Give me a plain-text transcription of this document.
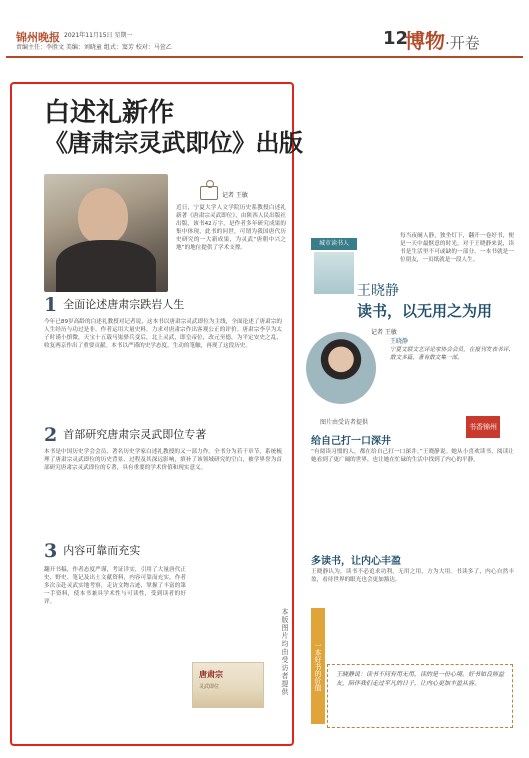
锦州晚报 2021年11月15日 星期一
责编主任：李胜文 美编：刘晓童 组式：窦芳 校对：马萱乙	12
博物·开卷
白述礼新作
《唐肃宗灵武即位》出版
记者 王敏
近日，宁夏大学人文学院历史系教授白述礼新著《唐肃宗灵武即位》，由陕西人民出版社出版，该书42万字，是作者多年研究成果的集中体现，此书的问世，可谓为我国唐代历史研究的一大新成果，为灵武“唐朝中兴之地”的地位提供了学术支撑。
1 全面论述唐肃宗跌岩人生
今年已89岁高龄的白述礼教授对记者说，这本书以唐肃宗灵武即位为主线，全面论述了唐肃宗的人生经历与功过是非。作者运用大量史料，力求对唐肃宗作出客观公正的评价。唐肃宗李亨为太子时谨小慎微，天宝十五载马嵬驿兵变后，北上灵武，即皇帝位，改元至德，为平定安史之乱、收复两京作出了重要贡献。本书以严谨的史学态度，生动的笔触，再现了这段历史。
2 首部研究唐肃宗灵武即位专著
本书是中国历史学会会员、著名历史学家白述礼教授的又一部力作。全书分为若干章节，系统梳理了唐肃宗灵武即位的历史背景、过程及其深远影响，填补了该领域研究的空白，被学界誉为首部研究唐肃宗灵武即位的专著，具有重要的学术价值和现实意义。
3 内容可靠而充实
翻开书稿，作者态度严谨，考证详实，引用了大量唐代正史、野史、笔记及出土文献资料，内容可靠而充实。作者多次亲赴灵武实地考察，走访文物古迹，掌握了丰富的第一手资料，使本书兼具学术性与可读性，受到读者的好评。
唐肃宗
灵武即位	本版图片均由受访者提供
每当夜阑人静，独坐灯下，翻开一卷好书，便是一天中最惬意的时光。对于王晓静来说，读书是生活里不可或缺的一部分，一本书就是一位朋友，一页纸就是一段人生。
书香锦州
城市读书人
王晓静
读书，以无用之为用
记者 王敏
图片由受访者提供
王晓静
宁夏文联文艺评论家协会会员，在报刊发表书评、散文多篇，著有散文集一部。
给自己打一口深井
“有阅读习惯的人，都在给自己打一口深井。”王晓静说。她从小喜欢读书，阅读让她看到了更广阔的世界，也让她在忙碌的生活中找到了内心的平静。
多读书，让内心丰盈
王晓静认为，读书不必追求功利，无用之用，方为大用。书读多了，内心自然丰盈，看待世界的眼光也会更加豁达。
一本好书的价值	王晓静说：读书不问有用无用，读的是一份心境。好书如良师益友，陪伴我们走过平凡的日子，让内心更加丰盈从容。
